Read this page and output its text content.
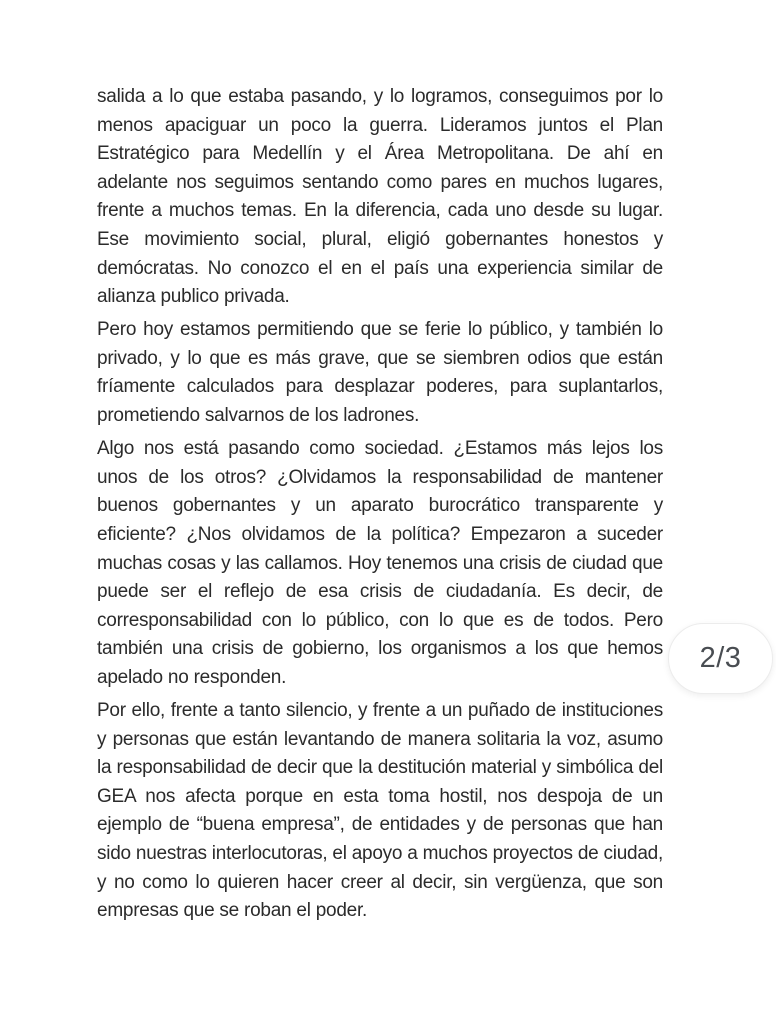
salida a lo que estaba pasando, y lo logramos, conseguimos por lo menos apaciguar un poco la guerra. Lideramos juntos el Plan Estratégico para Medellín y el Área Metropolitana. De ahí en adelante nos seguimos sentando como pares en muchos lugares, frente a muchos temas. En la diferencia, cada uno desde su lugar. Ese movimiento social, plural, eligió gobernantes honestos y demócratas. No conozco el en el país una experiencia similar de alianza publico privada.

Pero hoy estamos permitiendo que se ferie lo público, y también lo privado, y lo que es más grave, que se siembren odios que están fríamente calculados para desplazar poderes, para suplantarlos, prometiendo salvarnos de los ladrones.

Algo nos está pasando como sociedad. ¿Estamos más lejos los unos de los otros? ¿Olvidamos la responsabilidad de mantener buenos gobernantes y un aparato burocrático transparente y eficiente? ¿Nos olvidamos de la política? Empezaron a suceder muchas cosas y las callamos. Hoy tenemos una crisis de ciudad que puede ser el reflejo de esa crisis de ciudadanía. Es decir, de corresponsabilidad con lo público, con lo que es de todos. Pero también una crisis de gobierno, los organismos a los que hemos apelado no responden.

Por ello, frente a tanto silencio, y frente a un puñado de instituciones y personas que están levantando de manera solitaria la voz, asumo la responsabilidad de decir que la destitución material y simbólica del GEA nos afecta porque en esta toma hostil, nos despoja de un ejemplo de “buena empresa”, de entidades y de personas que han sido nuestras interlocutoras, el apoyo a muchos proyectos de ciudad, y no como lo quieren hacer creer al decir, sin vergüenza, que son empresas que se roban el poder.

2/3
